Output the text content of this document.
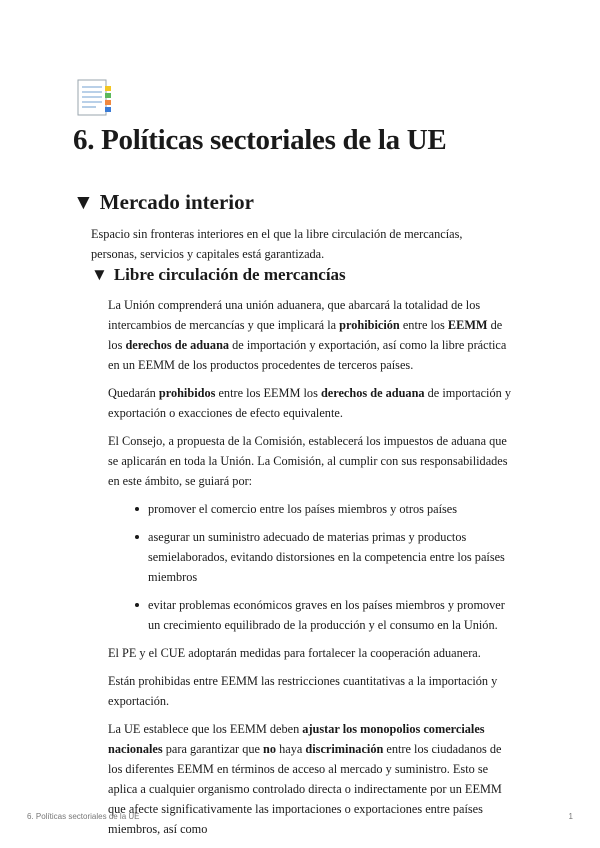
6. Políticas sectoriales de la UE
▼ Mercado interior

Espacio sin fronteras interiores en el que la libre circulación de mercancías, personas, servicios y capitales está garantizada.

▼ Libre circulación de mercancías

La Unión comprenderá una unión aduanera, que abarcará la totalidad de los intercambios de mercancías y que implicará la prohibición entre los EEMM de los derechos de aduana de importación y exportación, así como la libre práctica en un EEMM de los productos procedentes de terceros países.

Quedarán prohibidos entre los EEMM los derechos de aduana de importación y exportación o exacciones de efecto equivalente.

El Consejo, a propuesta de la Comisión, establecerá los impuestos de aduana que se aplicarán en toda la Unión. La Comisión, al cumplir con sus responsabilidades en este ámbito, se guiará por:

promover el comercio entre los países miembros y otros países
asegurar un suministro adecuado de materias primas y productos semielaborados, evitando distorsiones en la competencia entre los países miembros
evitar problemas económicos graves en los países miembros y promover un crecimiento equilibrado de la producción y el consumo en la Unión.

El PE y el CUE adoptarán medidas para fortalecer la cooperación aduanera.

Están prohibidas entre EEMM las restricciones cuantitativas a la importación y exportación.

La UE establece que los EEMM deben ajustar los monopolios comerciales nacionales para garantizar que no haya discriminación entre los ciudadanos de los diferentes EEMM en términos de acceso al mercado y suministro. Esto se aplica a cualquier organismo controlado directa o indirectamente por un EEMM que afecte significativamente las importaciones o exportaciones entre países miembros, así como

6. Políticas sectoriales de la UE	1
